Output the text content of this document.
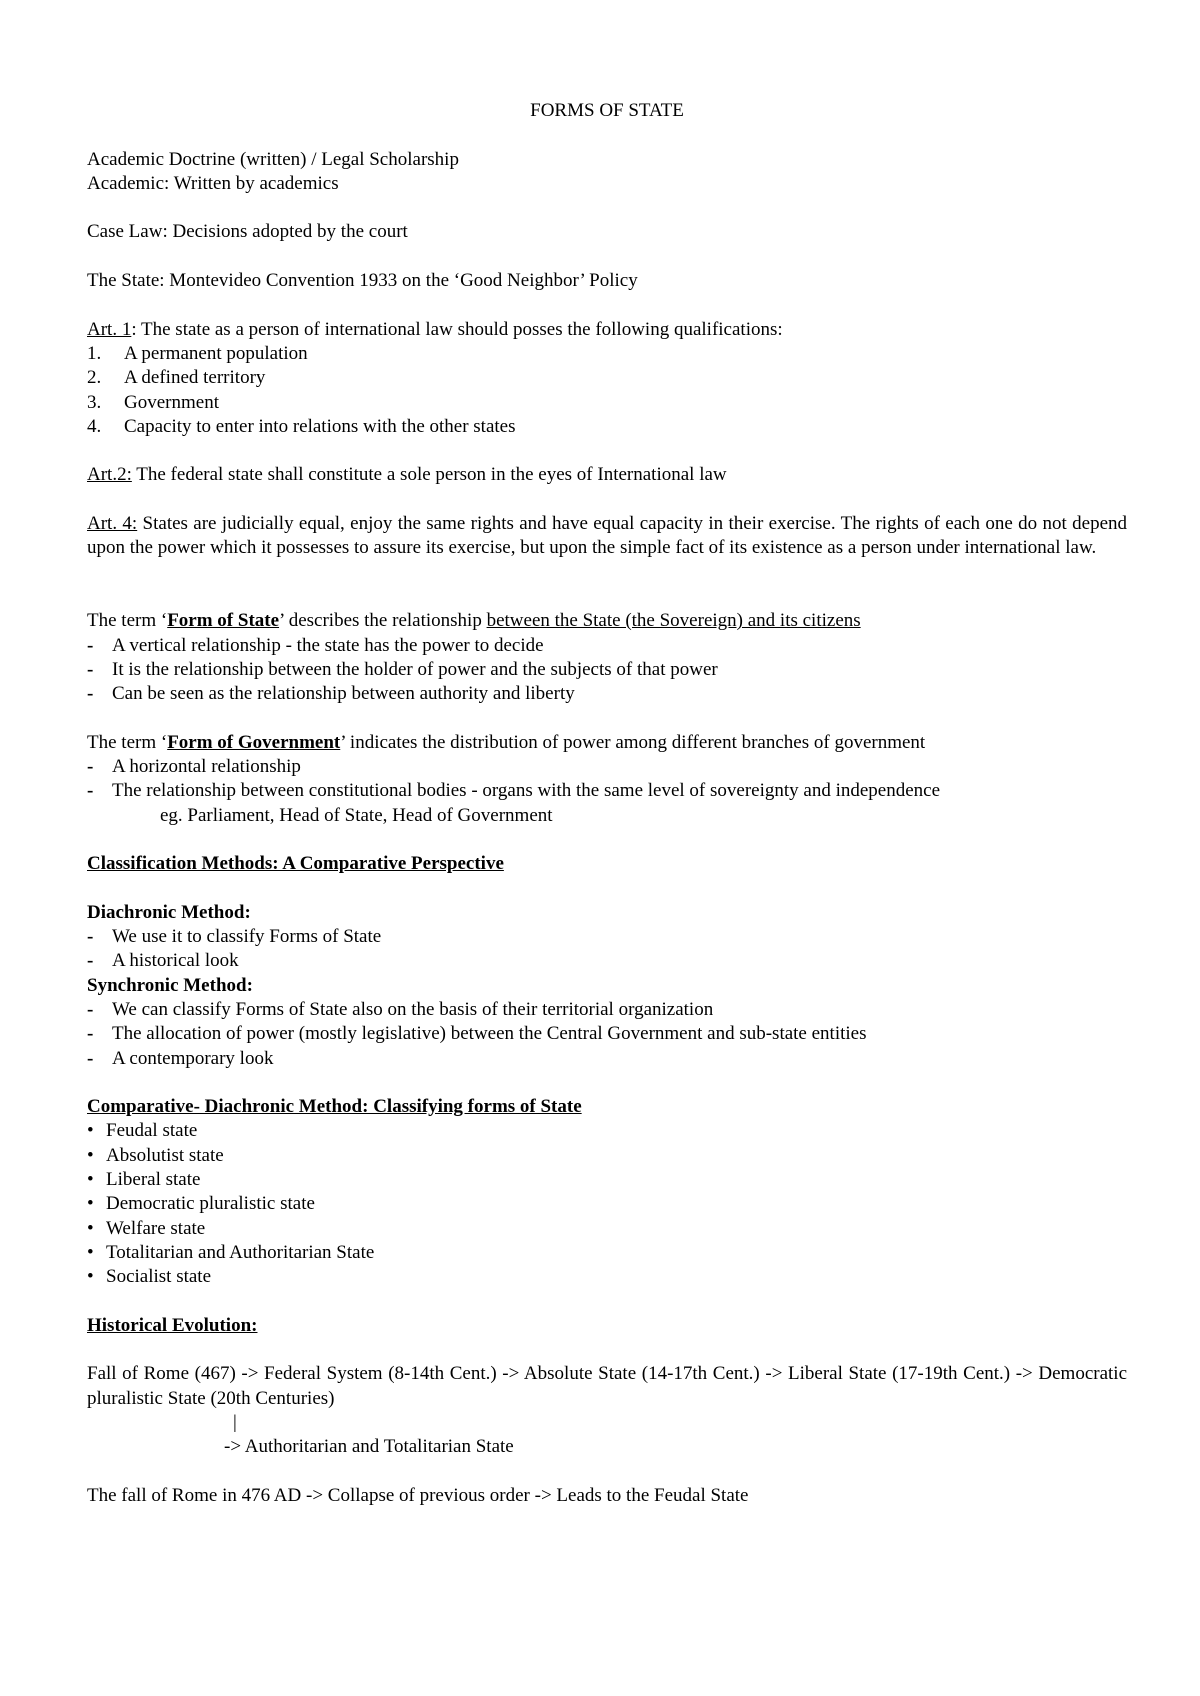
FORMS OF STATE

Academic Doctrine (written) / Legal Scholarship

Academic: Written by academics

Case Law: Decisions adopted by the court

The State: Montevideo Convention 1933 on the ‘Good Neighbor’ Policy

Art. 1: The state as a person of international law should posses the following qualifications:

1. A permanent population
2. A defined territory
3. Government
4. Capacity to enter into relations with the other states

Art.2: The federal state shall constitute a sole person in the eyes of International law

Art. 4: States are judicially equal, enjoy the same rights and have equal capacity in their exercise. The rights of each one do not depend upon the power which it possesses to assure its exercise, but upon the simple fact of its existence as a person under international law.

The term ‘Form of State’ describes the relationship between the State (the Sovereign) and its citizens

- A vertical relationship - the state has the power to decide
- It is the relationship between the holder of power and the subjects of that power
- Can be seen as the relationship between authority and liberty

The term ‘Form of Government’ indicates the distribution of power among different branches of government

- A horizontal relationship
- The relationship between constitutional bodies - organs with the same level of sovereignty and independence

eg. Parliament, Head of State, Head of Government

Classification Methods: A Comparative Perspective

Diachronic Method:

- We use it to classify Forms of State
- A historical look

Synchronic Method:

- We can classify Forms of State also on the basis of their territorial organization
- The allocation of power (mostly legislative) between the Central Government and sub-state entities
- A contemporary look

Comparative- Diachronic Method: Classifying forms of State

• Feudal state
• Absolutist state
• Liberal state
• Democratic pluralistic state
• Welfare state
• Totalitarian and Authoritarian State
• Socialist state

Historical Evolution:

Fall of Rome (467) -> Federal System (8-14th Cent.) -> Absolute State (14-17th Cent.) -> Liberal State (17-19th Cent.) -> Democratic pluralistic State (20th Centuries)

|

-> Authoritarian and Totalitarian State

The fall of Rome in 476 AD -> Collapse of previous order -> Leads to the Feudal State
